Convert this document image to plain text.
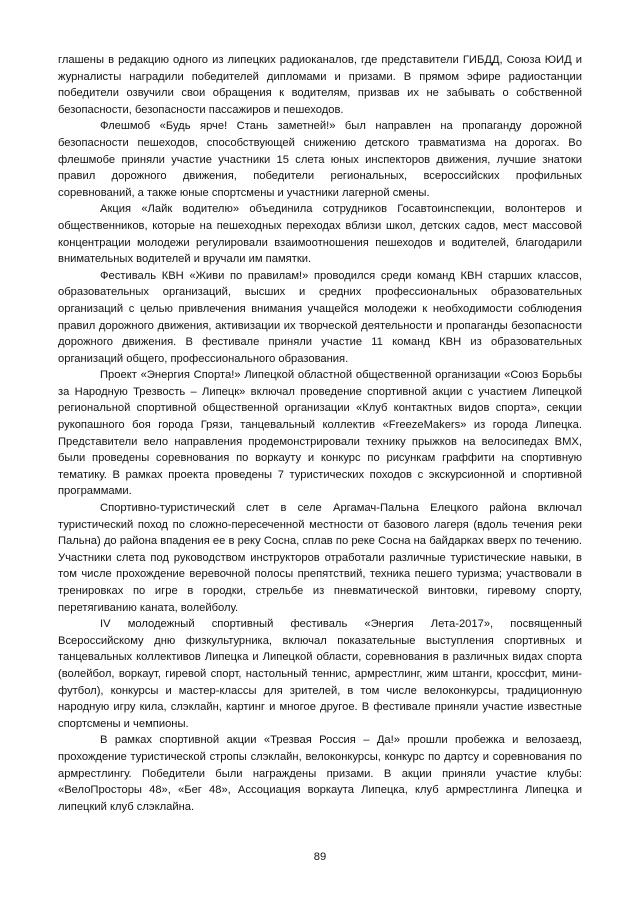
глашены в редакцию одного из липецких радиоканалов, где представители ГИБДД, Союза ЮИД и журналисты наградили победителей дипломами и призами. В прямом эфире радиостанции победители озвучили свои обращения к водителям, призвав их не забывать о собственной безопасности, безопасности пассажиров и пешеходов.

Флешмоб «Будь ярче! Стань заметней!» был направлен на пропаганду дорожной безопасности пешеходов, способствующей снижению детского травматизма на дорогах. Во флешмобе приняли участие участники 15 слета юных инспекторов движения, лучшие знатоки правил дорожного движения, победители региональных, всероссийских профильных соревнований, а также юные спортсмены и участники лагерной смены.

Акция «Лайк водителю» объединила сотрудников Госавтоинспекции, волонтеров и общественников, которые на пешеходных переходах вблизи школ, детских садов, мест массовой концентрации молодежи регулировали взаимоотношения пешеходов и водителей, благодарили внимательных водителей и вручали им памятки.

Фестиваль КВН «Живи по правилам!» проводился среди команд КВН старших классов, образовательных организаций, высших и средних профессиональных образовательных организаций с целью привлечения внимания учащейся молодежи к необходимости соблюдения правил дорожного движения, активизации их творческой деятельности и пропаганды безопасности дорожного движения. В фестивале приняли участие 11 команд КВН из образовательных организаций общего, профессионального образования.

Проект «Энергия Спорта!» Липецкой областной общественной организации «Союз Борьбы за Народную Трезвость – Липецк» включал проведение спортивной акции с участием Липецкой региональной спортивной общественной организации «Клуб контактных видов спорта», секции рукопашного боя города Грязи, танцевальный коллектив «FreezeMakers» из города Липецка. Представители вело направления продемонстрировали технику прыжков на велосипедах BMX, были проведены соревнования по воркауту и конкурс по рисункам граффити на спортивную тематику. В рамках проекта проведены 7 туристических походов с экскурсионной и спортивной программами.

Спортивно-туристический слет в селе Аргамач-Пальна Елецкого района включал туристический поход по сложно-пересеченной местности от базового лагеря (вдоль течения реки Пальна) до района впадения ее в реку Сосна, сплав по реке Сосна на байдарках вверх по течению. Участники слета под руководством инструкторов отработали различные туристические навыки, в том числе прохождение веревочной полосы препятствий, техника пешего туризма; участвовали в тренировках по игре в городки, стрельбе из пневматической винтовки, гиревому спорту, перетягиванию каната, волейболу.

IV молодежный спортивный фестиваль «Энергия Лета-2017», посвященный Всероссийскому дню физкультурника, включал показательные выступления спортивных и танцевальных коллективов Липецка и Липецкой области, соревнования в различных видах спорта (волейбол, воркаут, гиревой спорт, настольный теннис, армрестлинг, жим штанги, кроссфит, мини-футбол), конкурсы и мастер-классы для зрителей, в том числе велоконкурсы, традиционную народную игру кила, слэклайн, картинг и многое другое. В фестивале приняли участие известные спортсмены и чемпионы.

В рамках спортивной акции «Трезвая Россия – Да!» прошли пробежка и велозаезд, прохождение туристической стропы слэклайн, велоконкурсы, конкурс по дартсу и соревнования по армрестлингу. Победители были награждены призами. В акции приняли участие клубы: «ВелоПросторы 48», «Бег 48», Ассоциация воркаута Липецка, клуб армрестлинга Липецка и липецкий клуб слэклайна.

89
